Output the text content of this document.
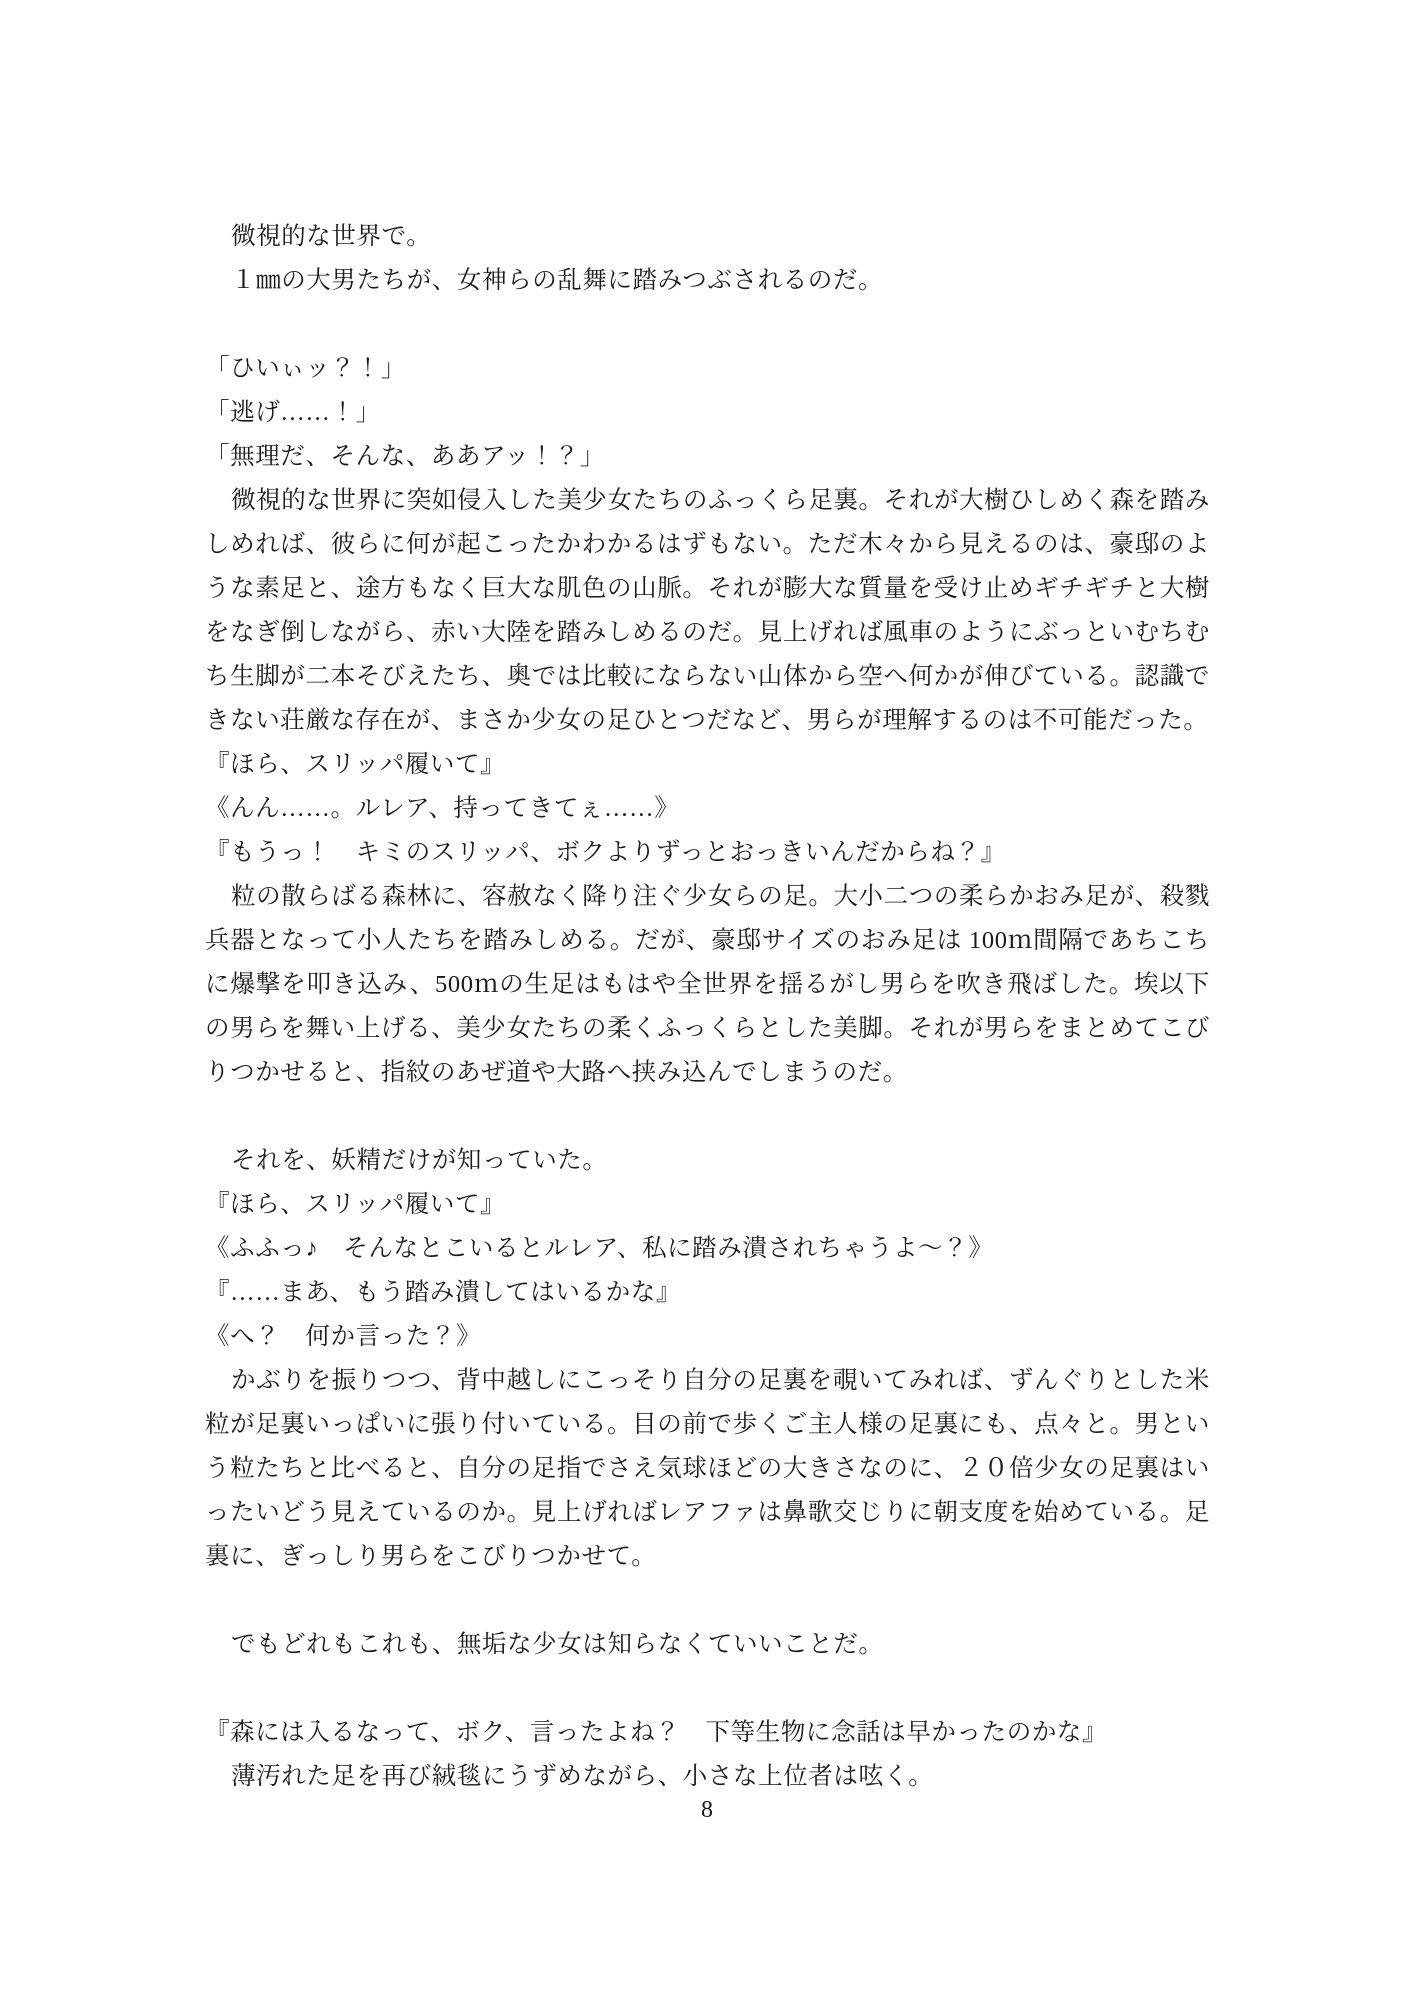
微視的な世界で。

１㎜の大男たちが、女神らの乱舞に踏みつぶされるのだ。

「ひいぃッ？！」

「逃げ……！」

「無理だ、そんな、ああアッ！？」

微視的な世界に突如侵入した美少女たちのふっくら足裏。それが大樹ひしめく森を踏みしめれば、彼らに何が起こったかわかるはずもない。ただ木々から見えるのは、豪邸のような素足と、途方もなく巨大な肌色の山脈。それが膨大な質量を受け止めギチギチと大樹をなぎ倒しながら、赤い大陸を踏みしめるのだ。見上げれば風車のようにぶっといむちむち生脚が二本そびえたち、奥では比較にならない山体から空へ何かが伸びている。認識できない荘厳な存在が、まさか少女の足ひとつだなど、男らが理解するのは不可能だった。

『ほら、スリッパ履いて』

《んん……。ルレア、持ってきてぇ……》

『もうっ！　キミのスリッパ、ボクよりずっとおっきいんだからね？』

粒の散らばる森林に、容赦なく降り注ぐ少女らの足。大小二つの柔らかおみ足が、殺戮兵器となって小人たちを踏みしめる。だが、豪邸サイズのおみ足は 100ｍ間隔であちこちに爆撃を叩き込み、500ｍの生足はもはや全世界を揺るがし男らを吹き飛ばした。埃以下の男らを舞い上げる、美少女たちの柔くふっくらとした美脚。それが男らをまとめてこびりつかせると、指紋のあぜ道や大路へ挟み込んでしまうのだ。

それを、妖精だけが知っていた。

『ほら、スリッパ履いて』

《ふふっ♪　そんなとこいるとルレア、私に踏み潰されちゃうよ～？》

『……まあ、もう踏み潰してはいるかな』

《へ？　何か言った？》

かぶりを振りつつ、背中越しにこっそり自分の足裏を覗いてみれば、ずんぐりとした米粒が足裏いっぱいに張り付いている。目の前で歩くご主人様の足裏にも、点々と。男という粒たちと比べると、自分の足指でさえ気球ほどの大きさなのに、２０倍少女の足裏はいったいどう見えているのか。見上げればレアファは鼻歌交じりに朝支度を始めている。足裏に、ぎっしり男らをこびりつかせて。

でもどれもこれも、無垢な少女は知らなくていいことだ。

『森には入るなって、ボク、言ったよね？　下等生物に念話は早かったのかな』

薄汚れた足を再び絨毯にうずめながら、小さな上位者は呟く。

8
